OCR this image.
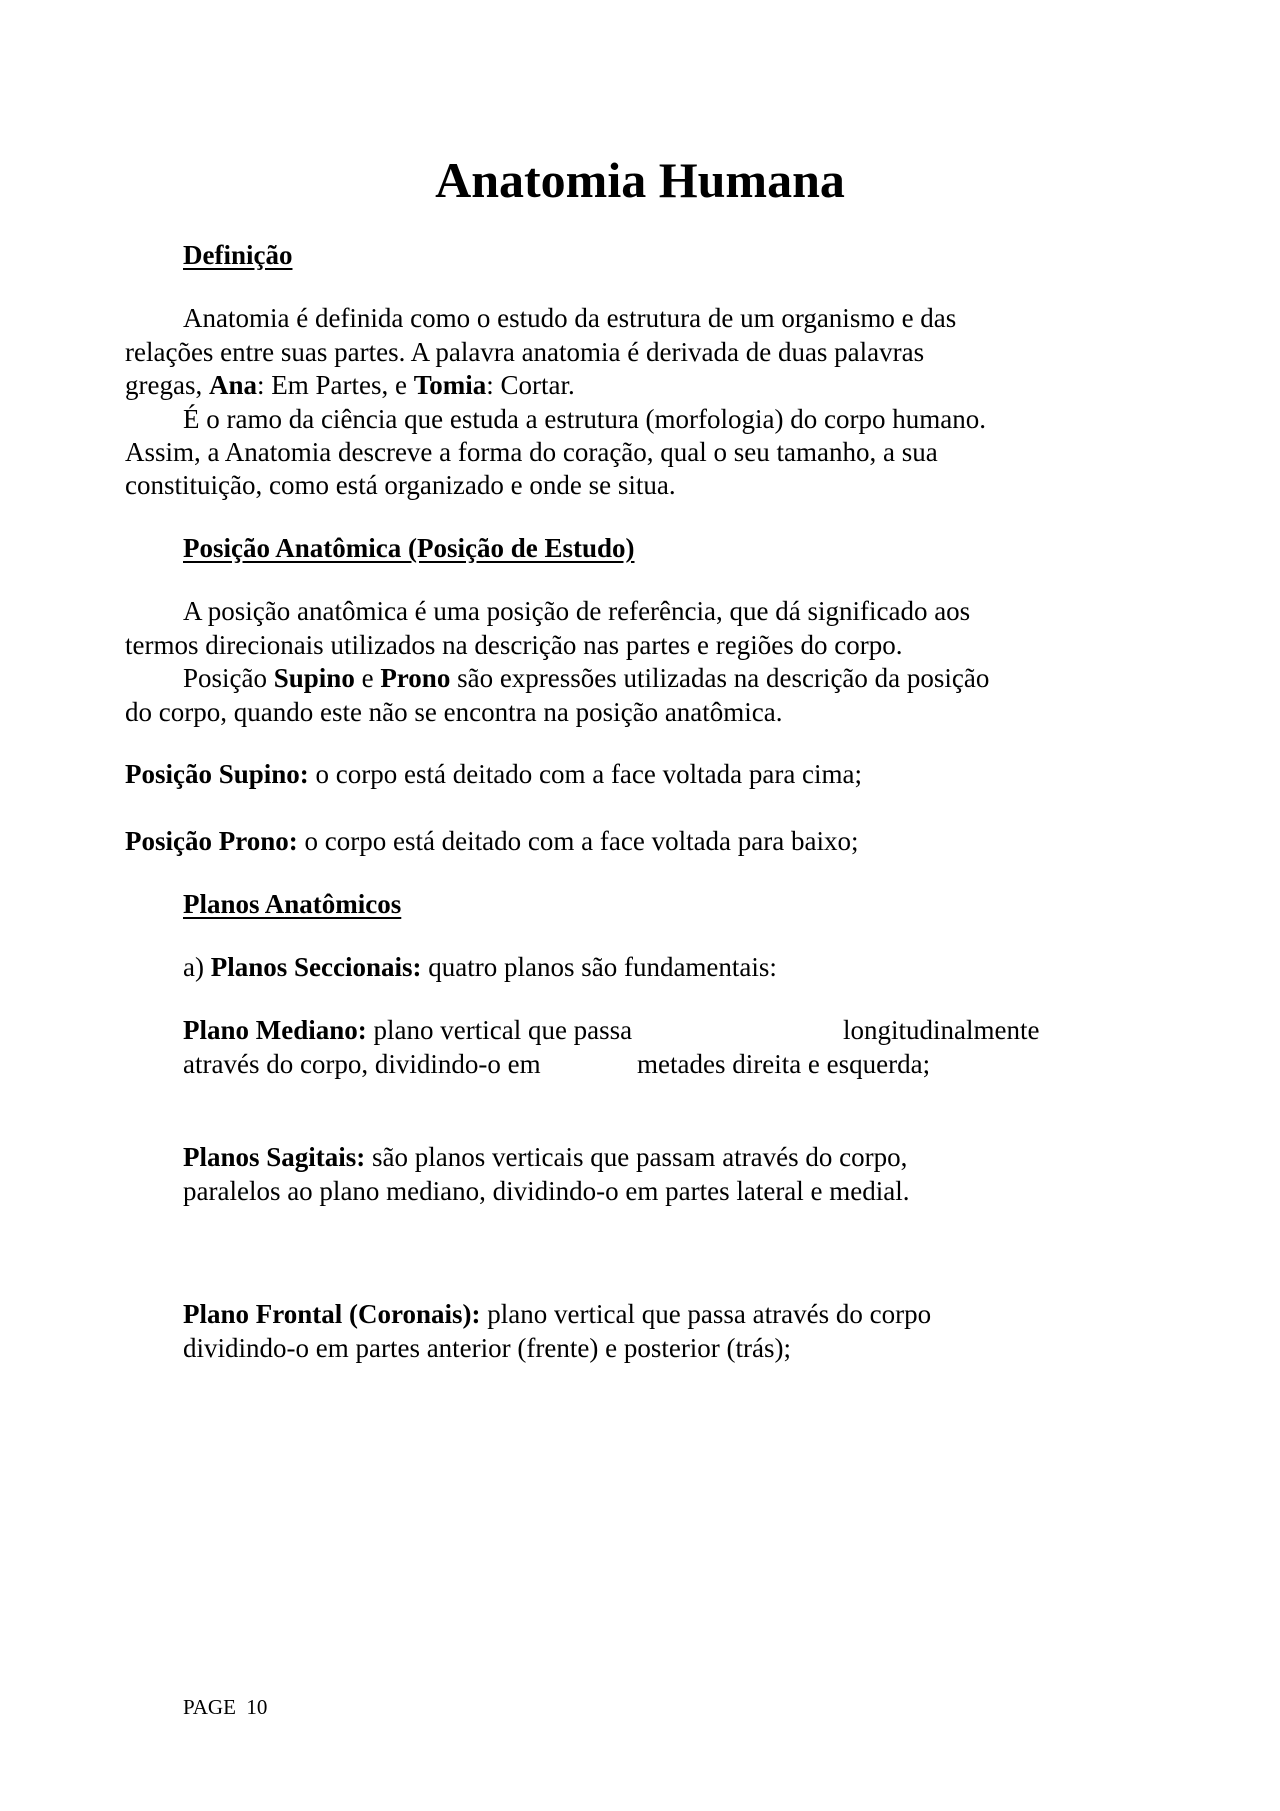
Anatomia Humana
Definição
Anatomia é definida como o estudo da estrutura de um organismo e das
relações entre suas partes. A palavra anatomia é derivada de duas palavras
gregas, Ana: Em Partes, e Tomia: Cortar.
É o ramo da ciência que estuda a estrutura (morfologia) do corpo humano.
Assim, a Anatomia descreve a forma do coração, qual o seu tamanho, a sua
constituição, como está organizado e onde se situa.
Posição Anatômica (Posição de Estudo)
A posição anatômica é uma posição de referência, que dá significado aos
termos direcionais utilizados na descrição nas partes e regiões do corpo.
Posição Supino e Prono são expressões utilizadas na descrição da posição
do corpo, quando este não se encontra na posição anatômica.
Posição Supino: o corpo está deitado com a face voltada para cima;
Posição Prono: o corpo está deitado com a face voltada para baixo;
Planos Anatômicos
a) Planos Seccionais: quatro planos são fundamentais:
Plano Mediano: plano vertical que passa	longitudinalmente
através do corpo, dividindo-o em	metades direita e esquerda;
Planos Sagitais: são planos verticais que passam através do corpo,
paralelos ao plano mediano, dividindo-o em partes lateral e medial.
Plano Frontal (Coronais): plano vertical que passa através do corpo
dividindo-o em partes anterior (frente) e posterior (trás);
PAGE  10
